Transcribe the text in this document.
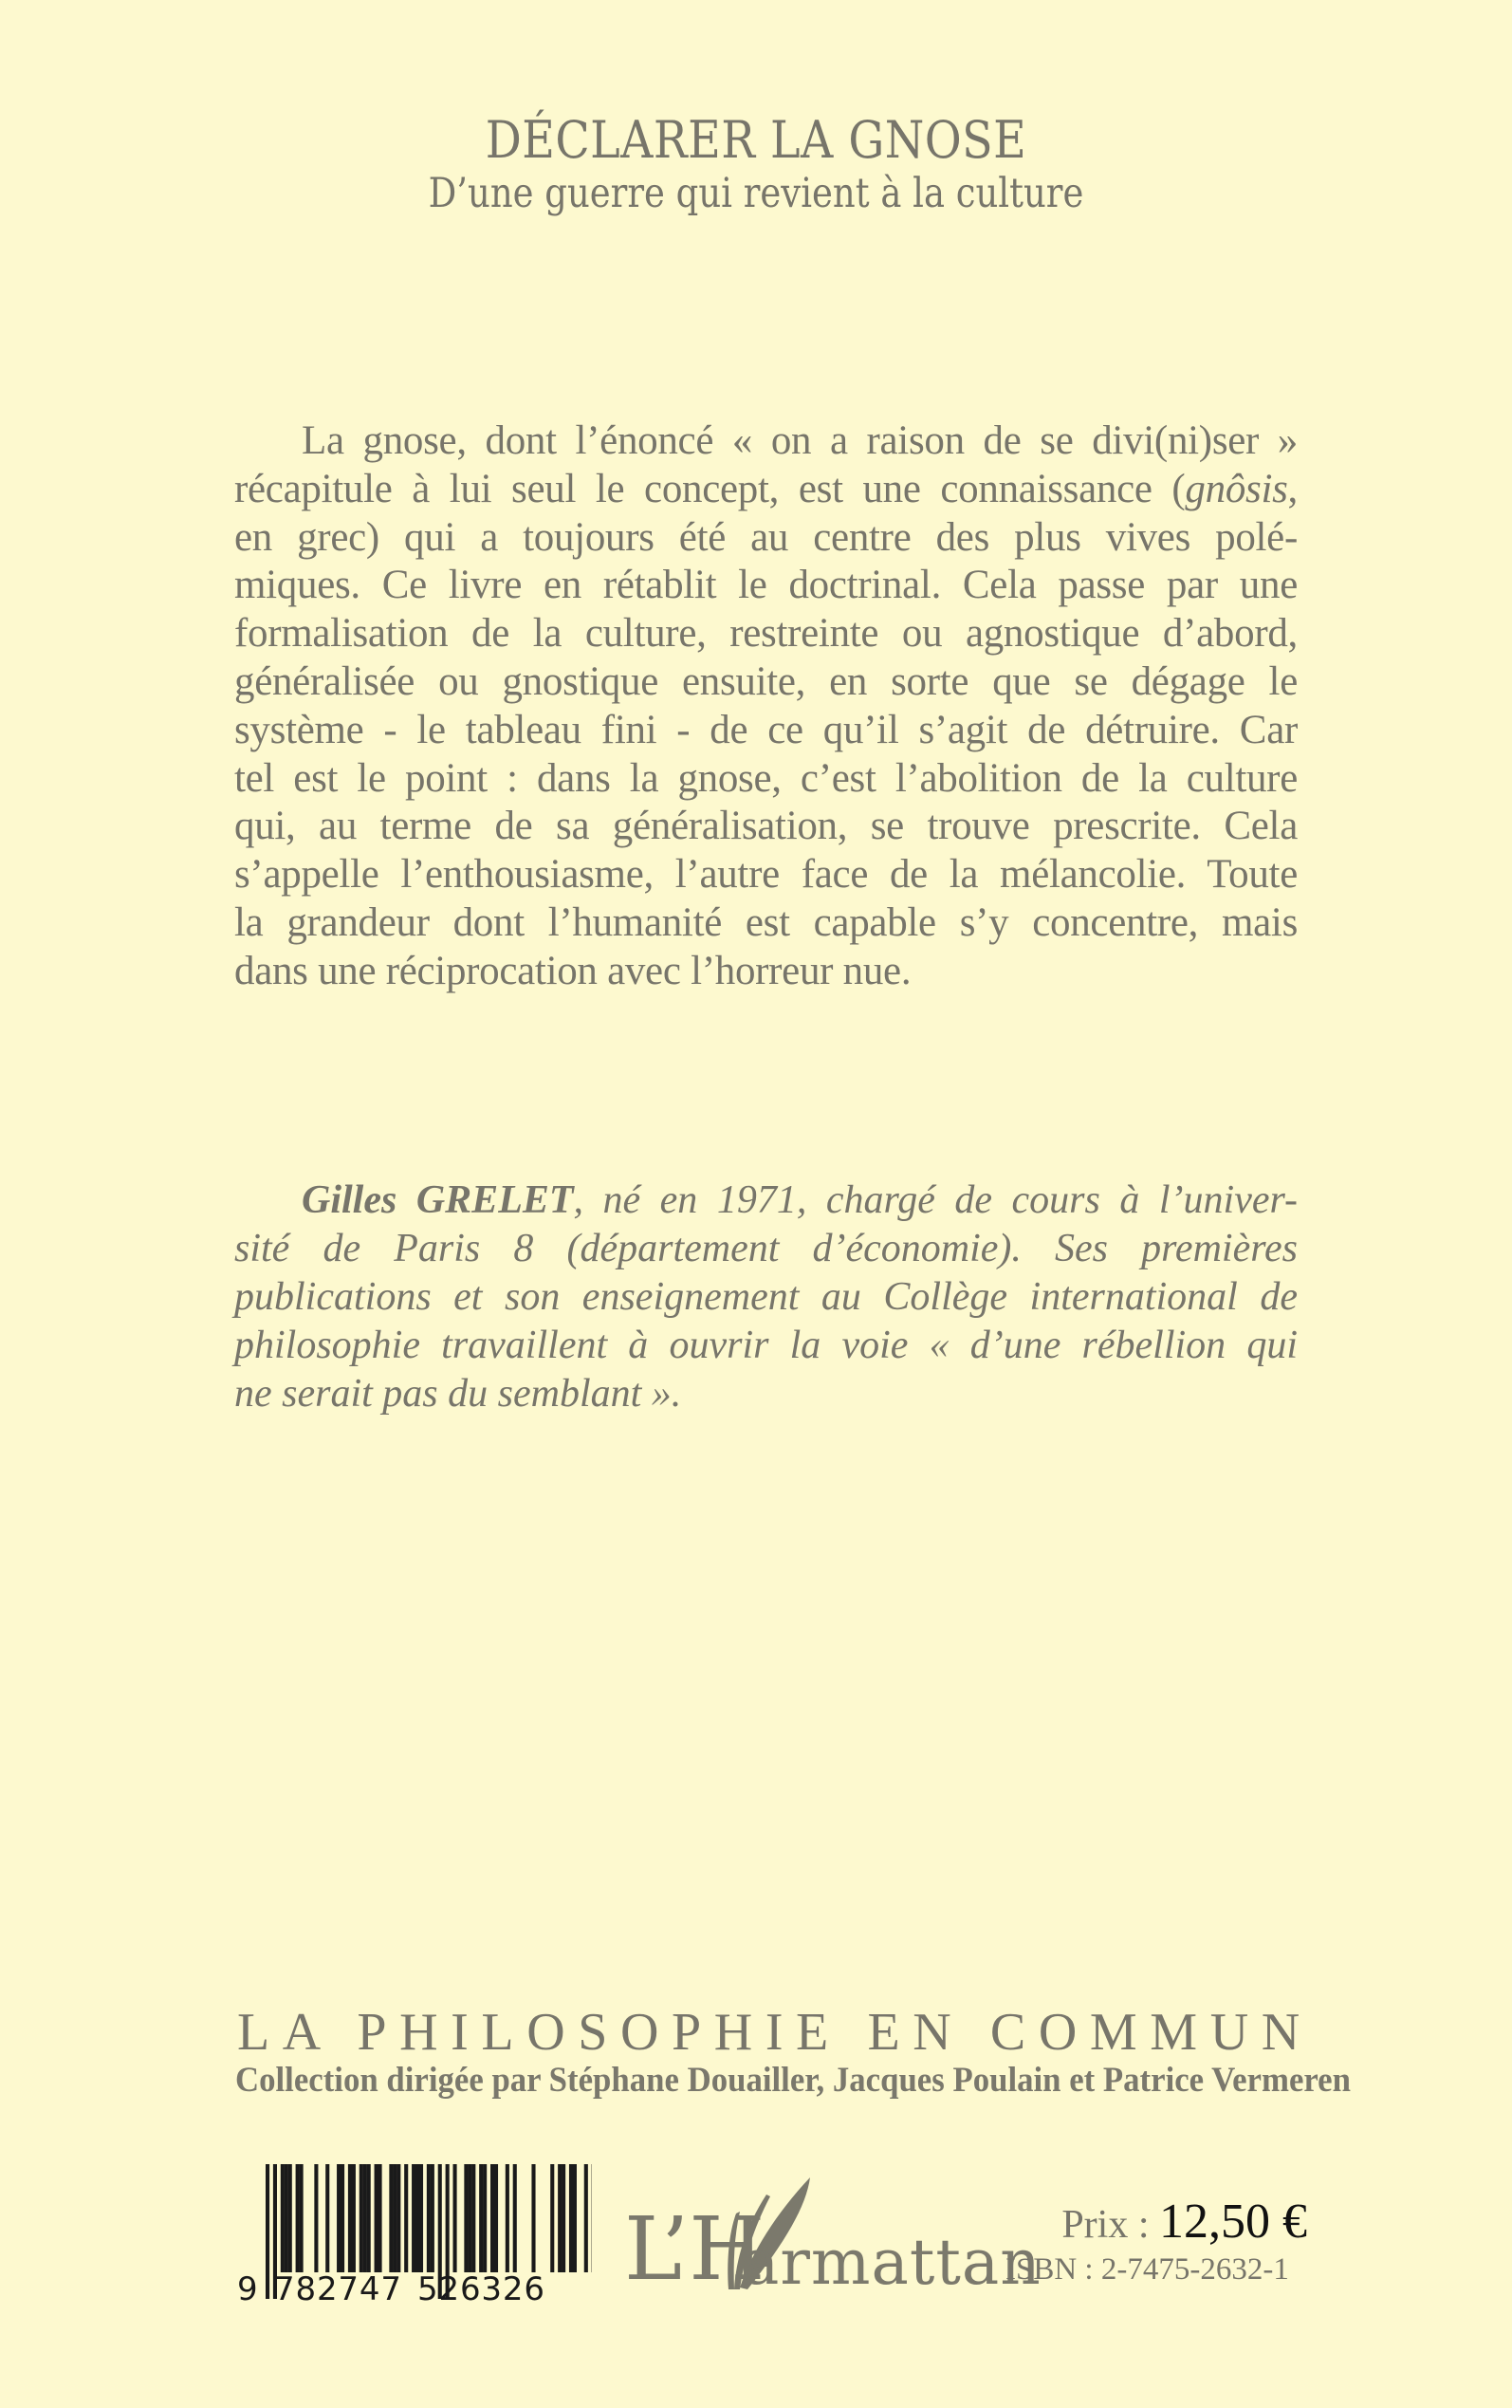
DÉCLARER LA GNOSE
D’une guerre qui revient à la culture
La gnose, dont l’énoncé « on a raison de se divi(ni)ser »
récapitule à lui seul le concept, est une connaissance (gnôsis,
en grec) qui a toujours été au centre des plus vives polé-
miques. Ce livre en rétablit le doctrinal. Cela passe par une
formalisation de la culture, restreinte ou agnostique d’abord,
généralisée ou gnostique ensuite, en sorte que se dégage le
système - le tableau fini - de ce qu’il s’agit de détruire. Car
tel est le point : dans la gnose, c’est l’abolition de la culture
qui, au terme de sa généralisation, se trouve prescrite. Cela
s’appelle l’enthousiasme, l’autre face de la mélancolie. Toute
la grandeur dont l’humanité est capable s’y concentre, mais
dans une réciprocation avec l’horreur nue.
Gilles GRELET, né en 1971, chargé de cours à l’univer-
sité de Paris 8 (département d’économie). Ses premières
publications et son enseignement au Collège international de
philosophie travaillent à ouvrir la voie « d’une rébellion qui
ne serait pas du semblant ».
LA PHILOSOPHIE EN COMMUN
Collection dirigée par Stéphane Douailler, Jacques Poulain et Patrice Vermeren
9 782747 526326 L’H
armattan
Prix : 12,50 €
ISBN : 2-7475-2632-1
